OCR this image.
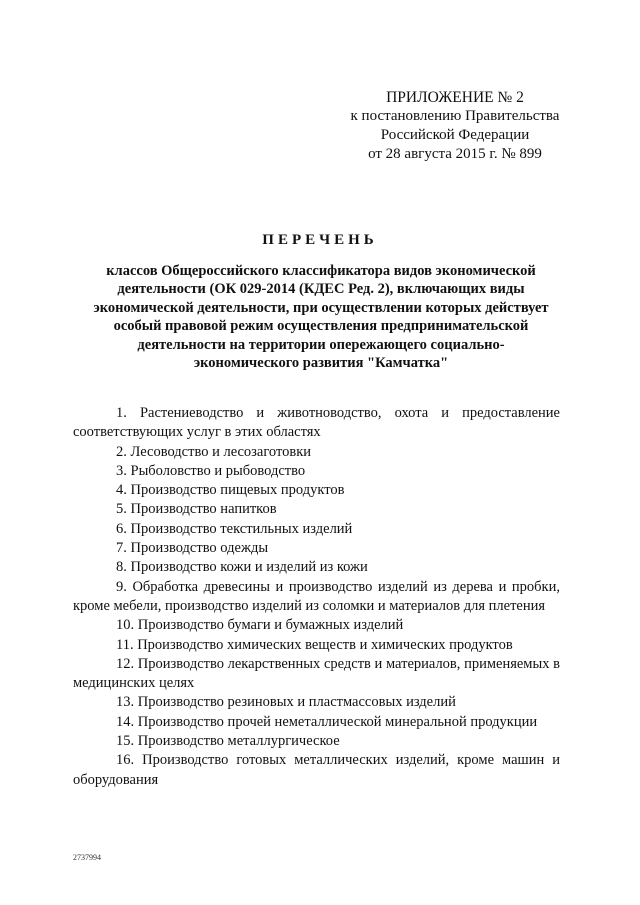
ПРИЛОЖЕНИЕ № 2
к постановлению Правительства
Российской Федерации
от 28 августа 2015 г. № 899
ПЕРЕЧЕНЬ
классов Общероссийского классификатора видов экономической
деятельности (ОК 029-2014 (КДЕС Ред. 2), включающих виды
экономической деятельности, при осуществлении которых действует
особый правовой режим осуществления предпринимательской
деятельности на территории опережающего социально-
экономического развития "Камчатка"
1. Растениеводство и животноводство, охота и предоставление соответствующих услуг в этих областях
2. Лесоводство и лесозаготовки
3. Рыболовство и рыбоводство
4. Производство пищевых продуктов
5. Производство напитков
6. Производство текстильных изделий
7. Производство одежды
8. Производство кожи и изделий из кожи
9. Обработка древесины и производство изделий из дерева и пробки, кроме мебели, производство изделий из соломки и материалов для плетения
10. Производство бумаги и бумажных изделий
11. Производство химических веществ и химических продуктов
12. Производство лекарственных средств и материалов, применяемых в медицинских целях
13. Производство резиновых и пластмассовых изделий
14. Производство прочей неметаллической минеральной продукции
15. Производство металлургическое
16. Производство готовых металлических изделий, кроме машин и оборудования
2737994
